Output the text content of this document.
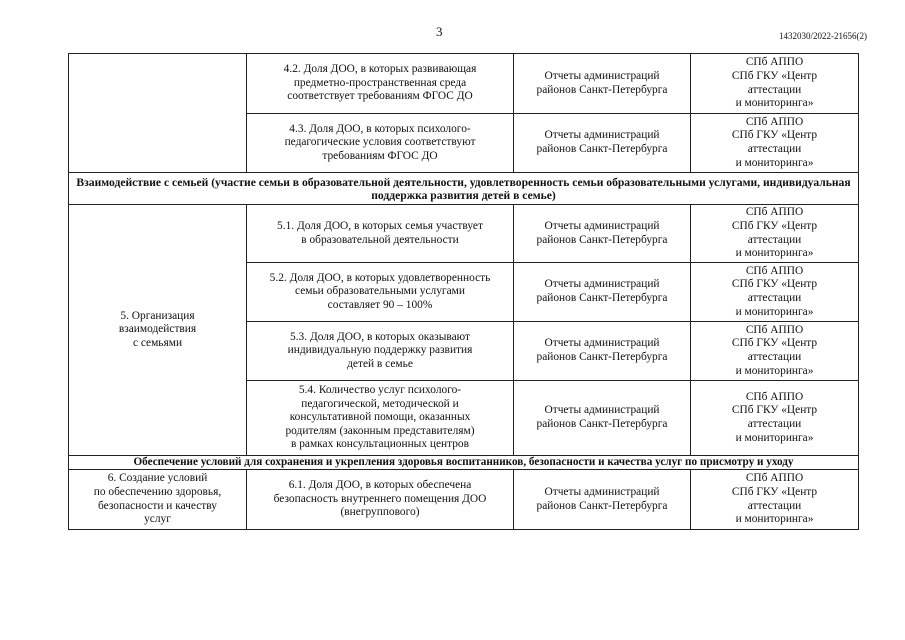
3	1432030/2022-21656(2)
	4.2. Доля ДОО, в которых развивающая
предметно-пространственная среда
соответствует требованиям ФГОС ДО	Отчеты администраций
районов Санкт-Петербурга	СПб АППО
СПб ГКУ «Центр
аттестации
и мониторинга»
	4.3. Доля ДОО, в которых психолого-
педагогические условия соответствуют
требованиям ФГОС ДО	Отчеты администраций
районов Санкт-Петербурга	СПб АППО
СПб ГКУ «Центр
аттестации
и мониторинга»
Взаимодействие с семьей (участие семьи в образовательной деятельности, удовлетворенность семьи образовательными услугами, индивидуальная поддержка развития детей в семье)			
5. Организация
взаимодействия
с семьями	5.1. Доля ДОО, в которых семья участвует
в образовательной деятельности	Отчеты администраций
районов Санкт-Петербурга	СПб АППО
СПб ГКУ «Центр
аттестации
и мониторинга»
	5.2. Доля ДОО, в которых удовлетворенность
семьи образовательными услугами
составляет 90 – 100%	Отчеты администраций
районов Санкт-Петербурга	СПб АППО
СПб ГКУ «Центр
аттестации
и мониторинга»
	5.3. Доля ДОО, в которых оказывают
индивидуальную поддержку развития
детей в семье	Отчеты администраций
районов Санкт-Петербурга	СПб АППО
СПб ГКУ «Центр
аттестации
и мониторинга»
	5.4. Количество услуг психолого-
педагогической, методической и
консультативной помощи, оказанных
родителям (законным представителям)
в рамках консультационных центров	Отчеты администраций
районов Санкт-Петербурга	СПб АППО
СПб ГКУ «Центр
аттестации
и мониторинга»
Обеспечение условий для сохранения и укрепления здоровья воспитанников, безопасности и качества услуг по присмотру и уходу			
6. Создание условий
по обеспечению здоровья,
безопасности и качеству
услуг	6.1. Доля ДОО, в которых обеспечена
безопасность внутреннего помещения ДОО
(внегруппового)	Отчеты администраций
районов Санкт-Петербурга	СПб АППО
СПб ГКУ «Центр
аттестации
и мониторинга»
